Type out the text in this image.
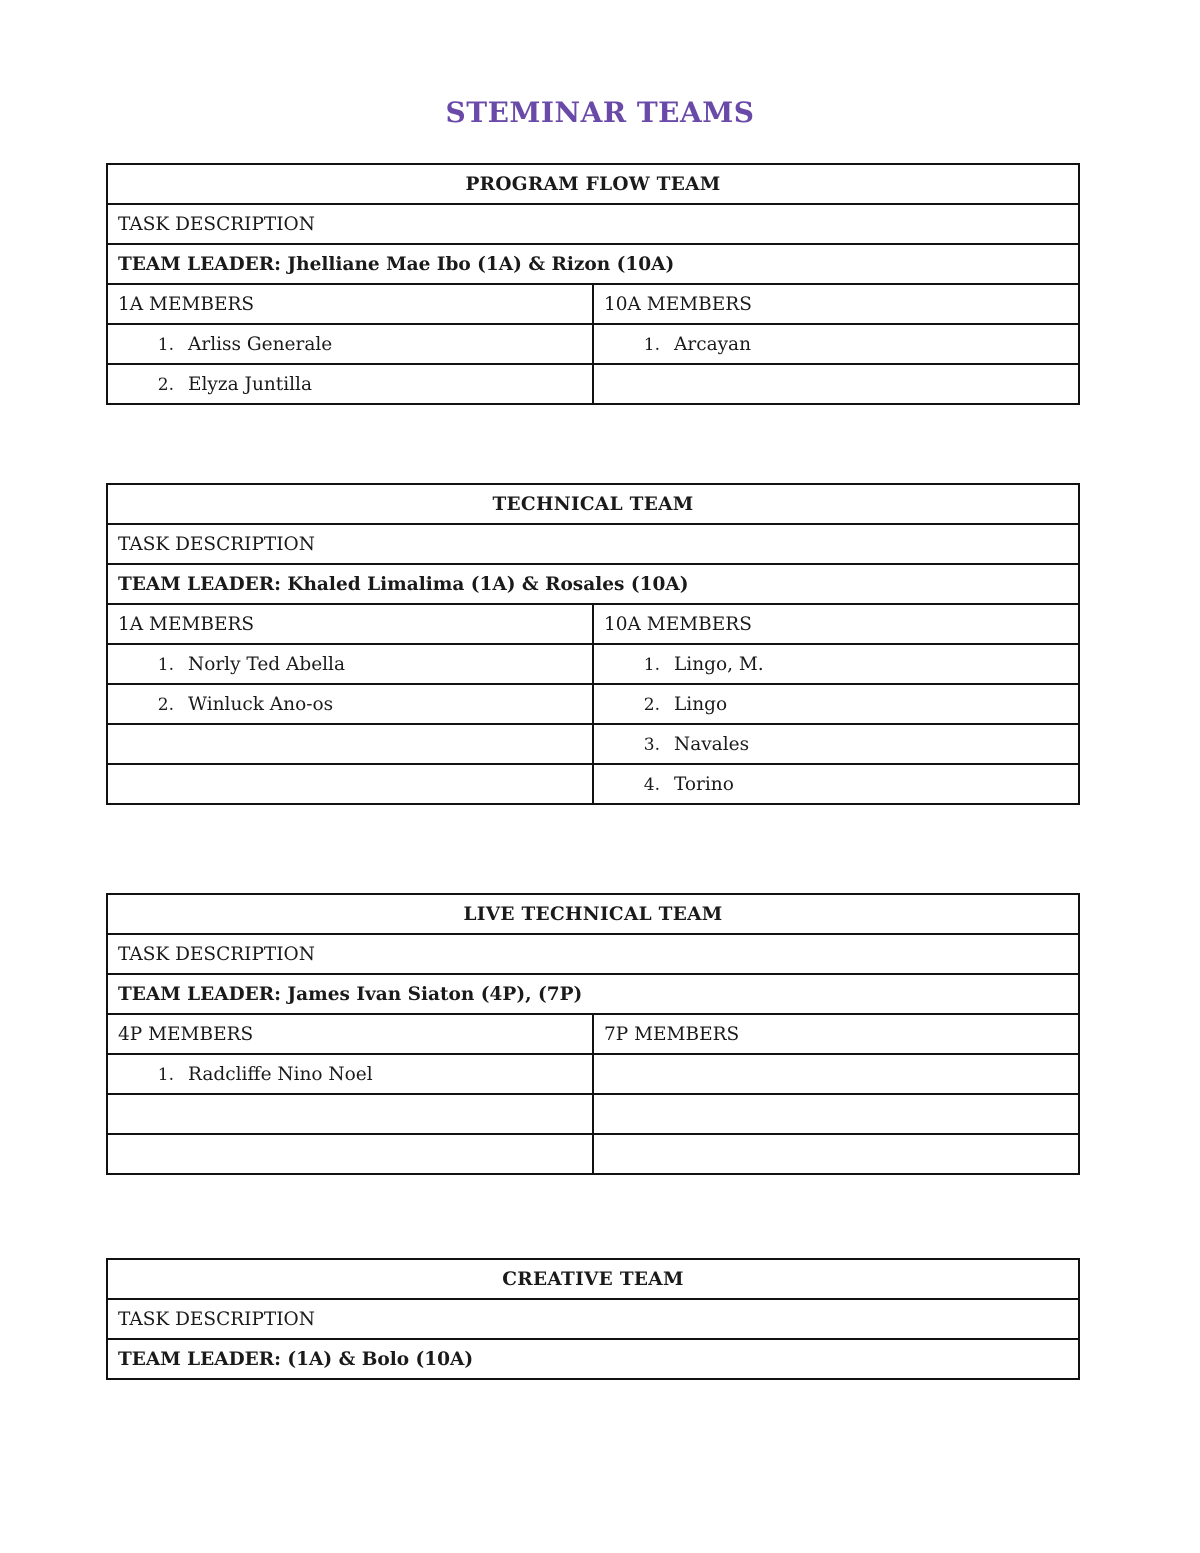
STEMINAR TEAMS
PROGRAM FLOW TEAM	
TASK DESCRIPTION	
TEAM LEADER: Jhelliane Mae Ibo (1A) & Rizon (10A)	
1A MEMBERS	10A MEMBERS
1. Arliss Generale	1. Arcayan
2. Elyza Juntilla	
TECHNICAL TEAM	
TASK DESCRIPTION	
TEAM LEADER: Khaled Limalima (1A) & Rosales (10A)	
1A MEMBERS	10A MEMBERS
1. Norly Ted Abella	1. Lingo, M.
2. Winluck Ano-os	2. Lingo
	3. Navales
	4. Torino
LIVE TECHNICAL TEAM	
TASK DESCRIPTION	
TEAM LEADER: James Ivan Siaton (4P), (7P)	
4P MEMBERS	7P MEMBERS
1. Radcliffe Nino Noel	

CREATIVE TEAM
TASK DESCRIPTION
TEAM LEADER: (1A) & Bolo (10A)
